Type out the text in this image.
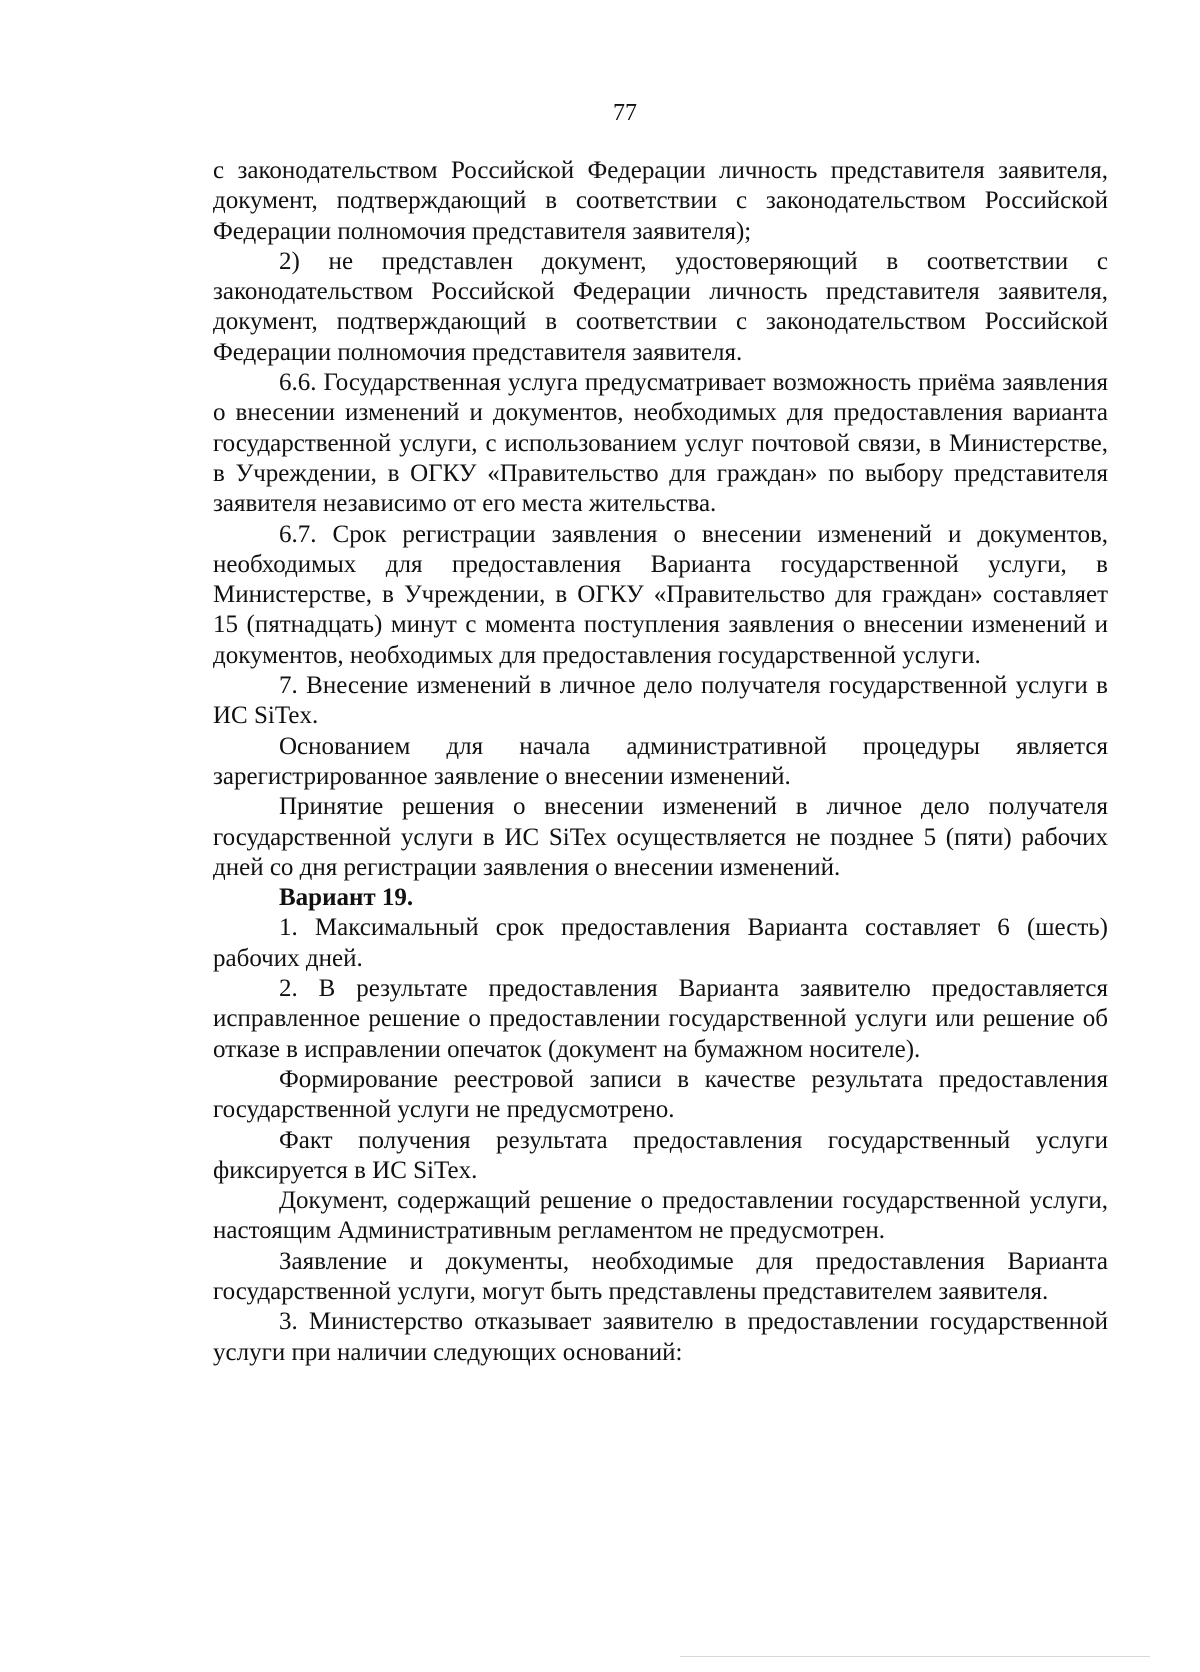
77

с законодательством Российской Федерации личность представителя заявителя, документ, подтверждающий в соответствии с законодательством Российской Федерации полномочия представителя заявителя);

2) не представлен документ, удостоверяющий в соответствии с законодательством Российской Федерации личность представителя заявителя, документ, подтверждающий в соответствии с законодательством Российской Федерации полномочия представителя заявителя.

6.6. Государственная услуга предусматривает возможность приёма заявления о внесении изменений и документов, необходимых для предоставления варианта государственной услуги, с использованием услуг почтовой связи, в Министерстве, в Учреждении, в ОГКУ «Правительство для граждан» по выбору представителя заявителя независимо от его места жительства.

6.7. Срок регистрации заявления о внесении изменений и документов, необходимых для предоставления Варианта государственной услуги, в Министерстве, в Учреждении, в ОГКУ «Правительство для граждан» составляет 15 (пятнадцать) минут с момента поступления заявления о внесении изменений и документов, необходимых для предоставления государственной услуги.

7. Внесение изменений в личное дело получателя государственной услуги в ИС SiTex.

Основанием для начала административной процедуры является зарегистрированное заявление о внесении изменений.

Принятие решения о внесении изменений в личное дело получателя государственной услуги в ИС SiTex осуществляется не позднее 5 (пяти) рабочих дней со дня регистрации заявления о внесении изменений.

Вариант 19.

1. Максимальный срок предоставления Варианта составляет 6 (шесть) рабочих дней.

2. В результате предоставления Варианта заявителю предоставляется исправленное решение о предоставлении государственной услуги или решение об отказе в исправлении опечаток (документ на бумажном носителе).

Формирование реестровой записи в качестве результата предоставления государственной услуги не предусмотрено.

Факт получения результата предоставления государственный услуги фиксируется в ИС SiTex.

Документ, содержащий решение о предоставлении государственной услуги, настоящим Административным регламентом не предусмотрен.

Заявление и документы, необходимые для предоставления Варианта государственной услуги, могут быть представлены представителем заявителя.

3. Министерство отказывает заявителю в предоставлении государственной услуги при наличии следующих оснований:
